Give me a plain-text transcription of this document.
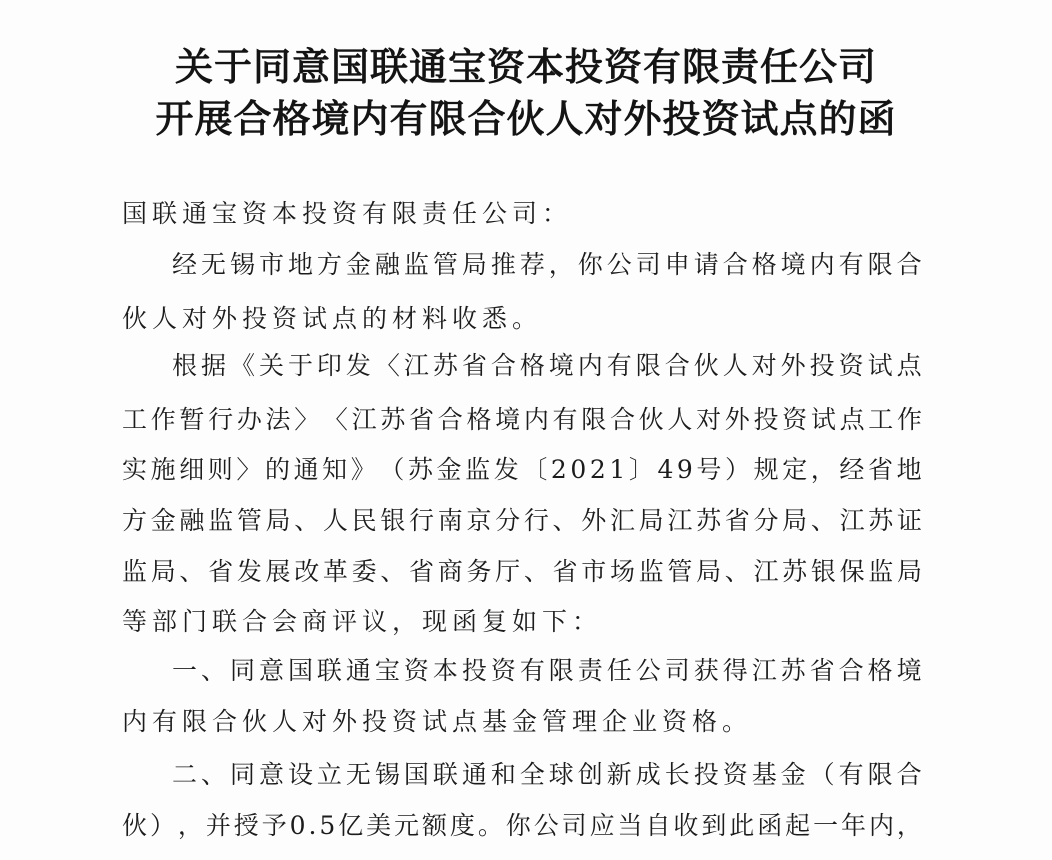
关于同意国联通宝资本投资有限责任公司
开展合格境内有限合伙人对外投资试点的函
国联通宝资本投资有限责任公司：
经 无 锡 市 地 方 金 融 监 管 局 推 荐 ， 你 公 司 申 请 合 格 境 内 有 限 合
伙人对外投资试点的材料收悉。
根 据 《 关 于 印 发 〈 江 苏 省 合 格 境 内 有 限 合 伙 人 对 外 投 资 试 点
工 作 暂 行 办 法 〉 〈 江 苏 省 合 格 境 内 有 限 合 伙 人 对 外 投 资 试 点 工 作
实 施 细 则 〉 的 通 知 》 （ 苏 金 监 发 〔 2 0 2 1 〕 4 9 号 ） 规 定 ， 经 省 地
方 金 融 监 管 局 、 人 民 银 行 南 京 分 行 、 外 汇 局 江 苏 省 分 局 、 江 苏 证
监 局 、 省 发 展 改 革 委 、 省 商 务 厅 、 省 市 场 监 管 局 、 江 苏 银 保 监 局
等部门联合会商评议，现函复如下：
一 、 同 意 国 联 通 宝 资 本 投 资 有 限 责 任 公 司 获 得 江 苏 省 合 格 境
内有限合伙人对外投资试点基金管理企业资格。
二 、 同 意 设 立 无 锡 国 联 通 和 全 球 创 新 成 长 投 资 基 金 （ 有 限 合
伙 ） ， 并 授 予 0 . 5 亿 美 元 额 度 。 你 公 司 应 当 自 收 到 此 函 起 一 年 内 ，
